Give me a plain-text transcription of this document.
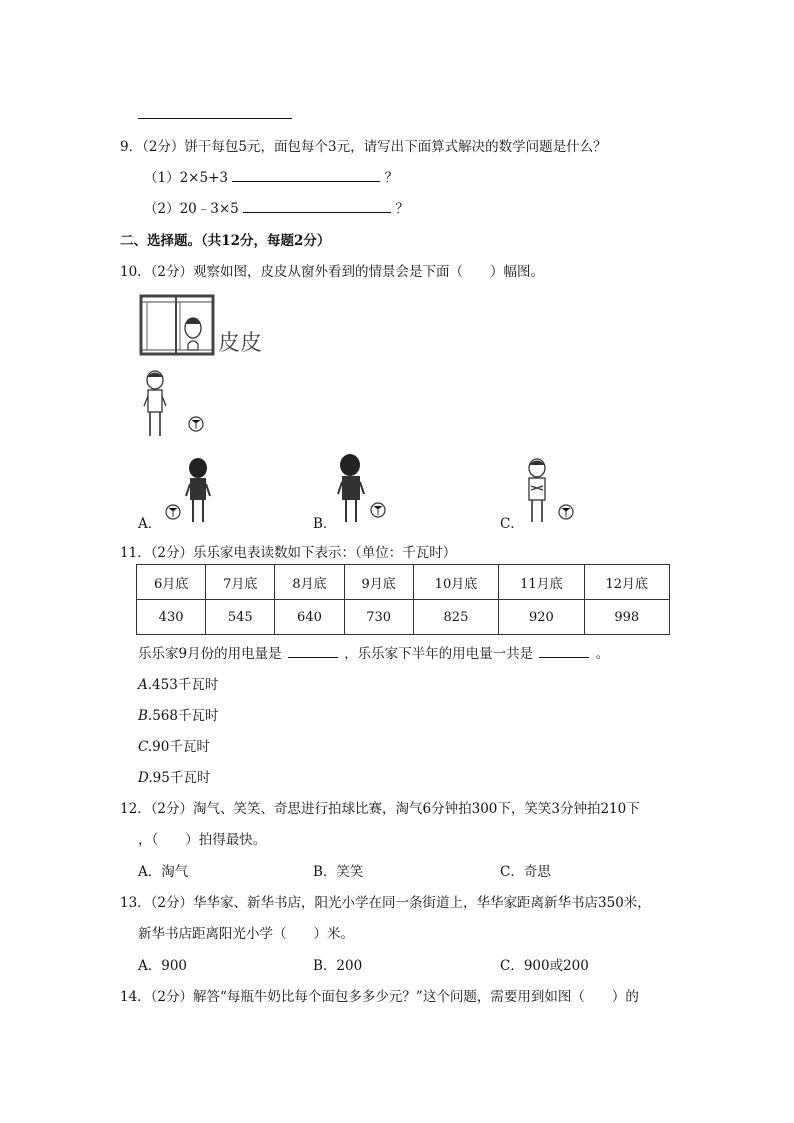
9．（2分）饼干每包5元，面包每个3元，请写出下面算式解决的数学问题是什么？
（1）2×5+3	？
（2）20﹣3×5	？
二、选择题。（共12分，每题2分）
10．（2分）观察如图，皮皮从窗外看到的情景会是下面（　　）幅图。
皮皮
A．	B．	C．
11．（2分）乐乐家电表读数如下表示：（单位：千瓦时）
6月底	7月底	8月底	9月底	10月底	11月底	12月底
430	545	640	730	825	920	998
乐乐家9月份的用电量是	，乐乐家下半年的用电量一共是	。
A.453千瓦时
B.568千瓦时
C.90千瓦时
D.95千瓦时
12．（2分）淘气、笑笑、奇思进行拍球比赛，淘气6分钟拍300下，笑笑3分钟拍210下
，（　　）拍得最快。
A．淘气	B．笑笑	C．奇思
13．（2分）华华家、新华书店，阳光小学在同一条街道上，华华家距离新华书店350米，
新华书店距离阳光小学（　　）米。
A．900	B．200	C．900或200
14．（2分）解答“每瓶牛奶比每个面包多多少元？”这个问题，需要用到如图（　　）的
